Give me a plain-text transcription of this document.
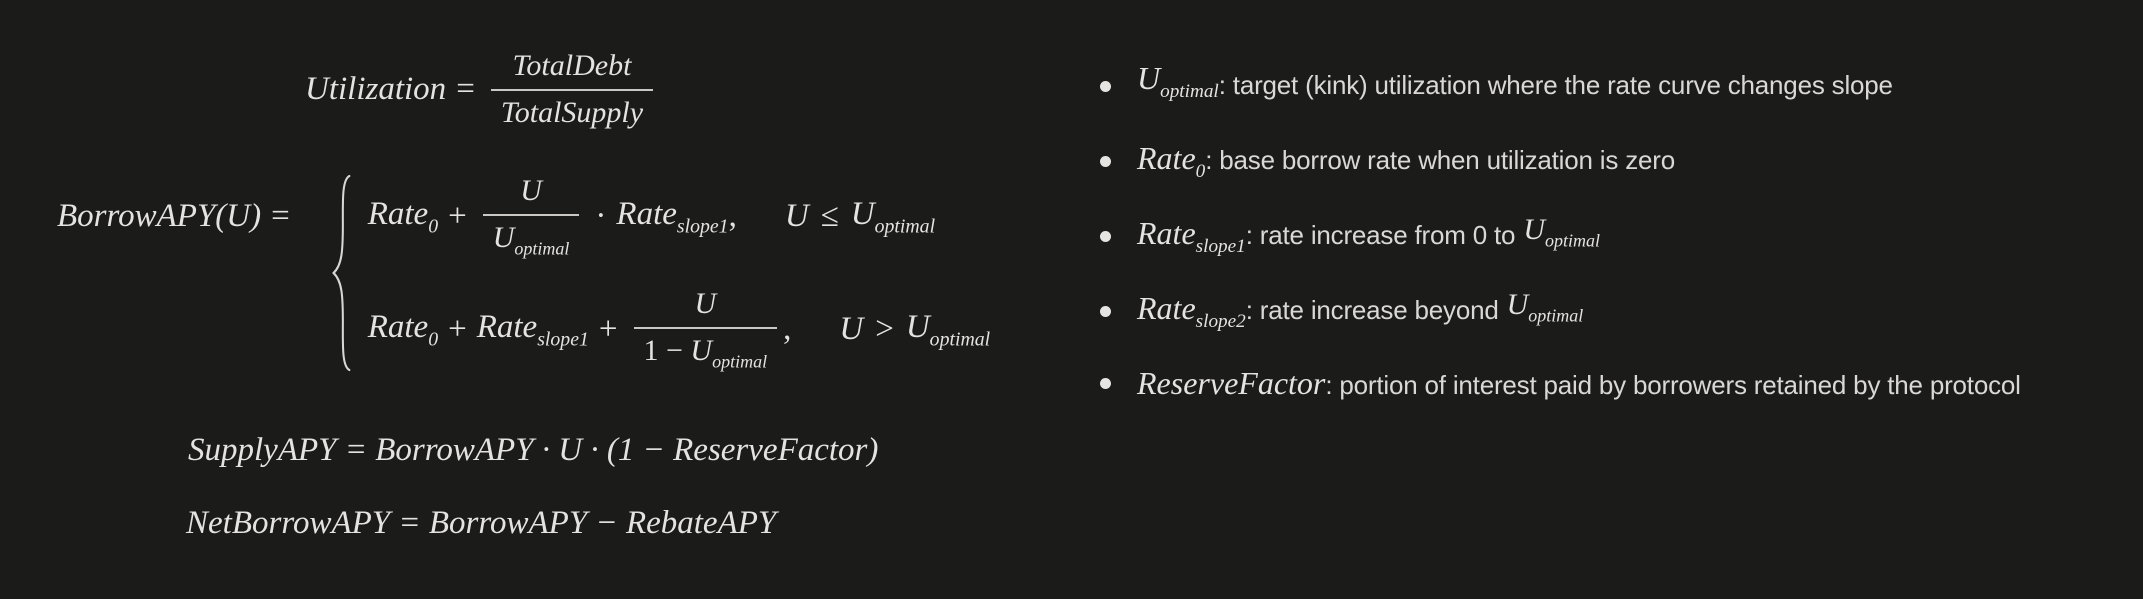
Utilization = $\frac{\text{TotalDebt}}{\text{TotalSupply}}$
BorrowAPY(U) =	Rate$_0$ + $\frac{U}{U_{optimal}}$ · Rate$_{slope1}$ , $U \le U_{optimal}$
Rate$_0$ + Rate$_{slope1}$ + $\frac{U}{1 - U_{optimal}}$ , $U > U_{optimal}$
SupplyAPY = BorrowAPY · U · (1 − ReserveFactor)
NetBorrowAPY = BorrowAPY − RebateAPY
$U_{optimal}$ : target (kink) utilization where the rate curve changes slope
Rate$_0$ : base borrow rate when utilization is zero
Rate$_{slope1}$ : rate increase from 0 to $U_{optimal}$
Rate$_{slope2}$ : rate increase beyond $U_{optimal}$
ReserveFactor : portion of interest paid by borrowers retained by the protocol
